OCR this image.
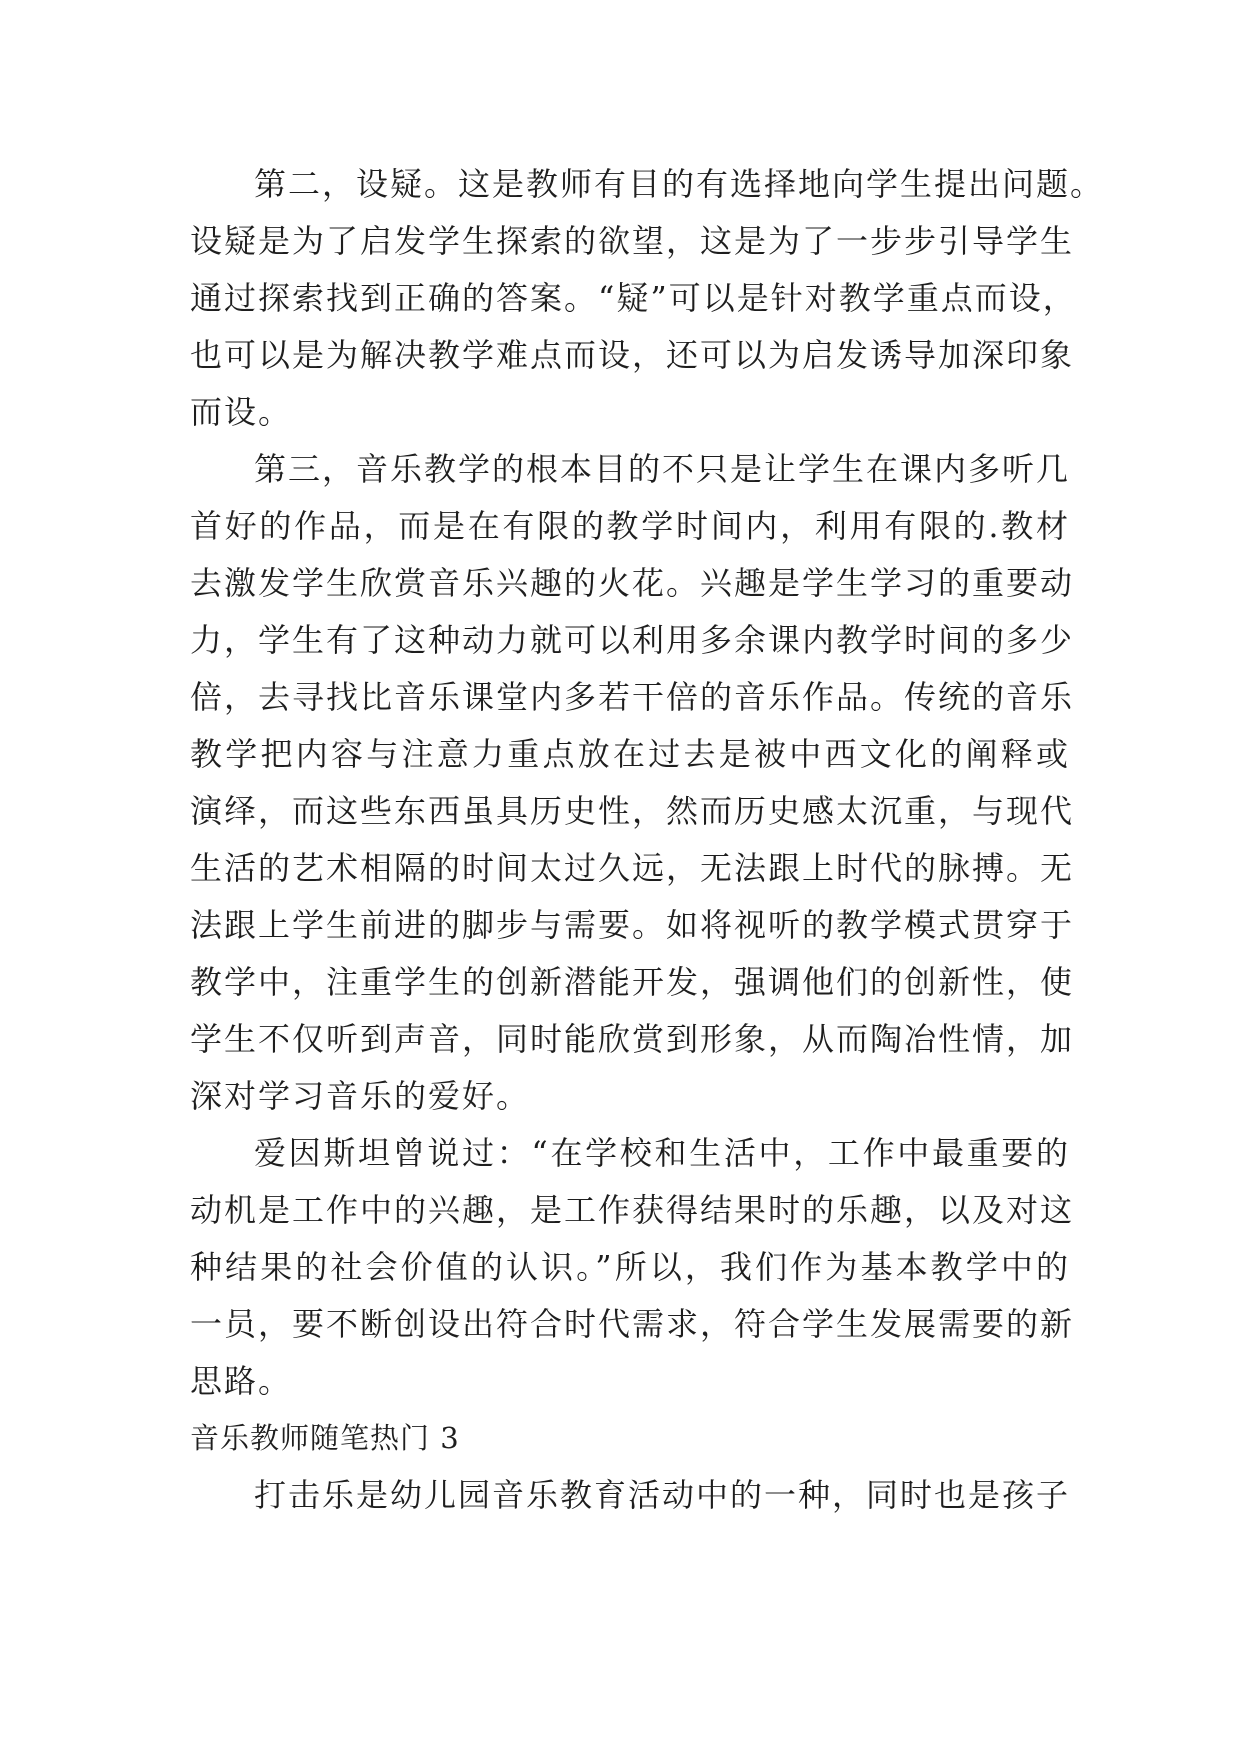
第二，设疑。这是教师有目的有选择地向学生提出问题。
设疑是为了启发学生探索的欲望，这是为了一步步引导学生
通过探索找到正确的答案。“疑”可以是针对教学重点而设，
也可以是为解决教学难点而设，还可以为启发诱导加深印象
而设。
第三，音乐教学的根本目的不只是让学生在课内多听几
首好的作品，而是在有限的教学时间内，利用有限的.教材
去激发学生欣赏音乐兴趣的火花。兴趣是学生学习的重要动
力，学生有了这种动力就可以利用多余课内教学时间的多少
倍，去寻找比音乐课堂内多若干倍的音乐作品。传统的音乐
教学把内容与注意力重点放在过去是被中西文化的阐释或
演绎，而这些东西虽具历史性，然而历史感太沉重，与现代
生活的艺术相隔的时间太过久远，无法跟上时代的脉搏。无
法跟上学生前进的脚步与需要。如将视听的教学模式贯穿于
教学中，注重学生的创新潜能开发，强调他们的创新性，使
学生不仅听到声音，同时能欣赏到形象，从而陶冶性情，加
深对学习音乐的爱好。
爱因斯坦曾说过：“在学校和生活中，工作中最重要的
动机是工作中的兴趣，是工作获得结果时的乐趣，以及对这
种结果的社会价值的认识。”所以，我们作为基本教学中的
一员，要不断创设出符合时代需求，符合学生发展需要的新
思路。
音乐教师随笔热门 3
打击乐是幼儿园音乐教育活动中的一种，同时也是孩子
